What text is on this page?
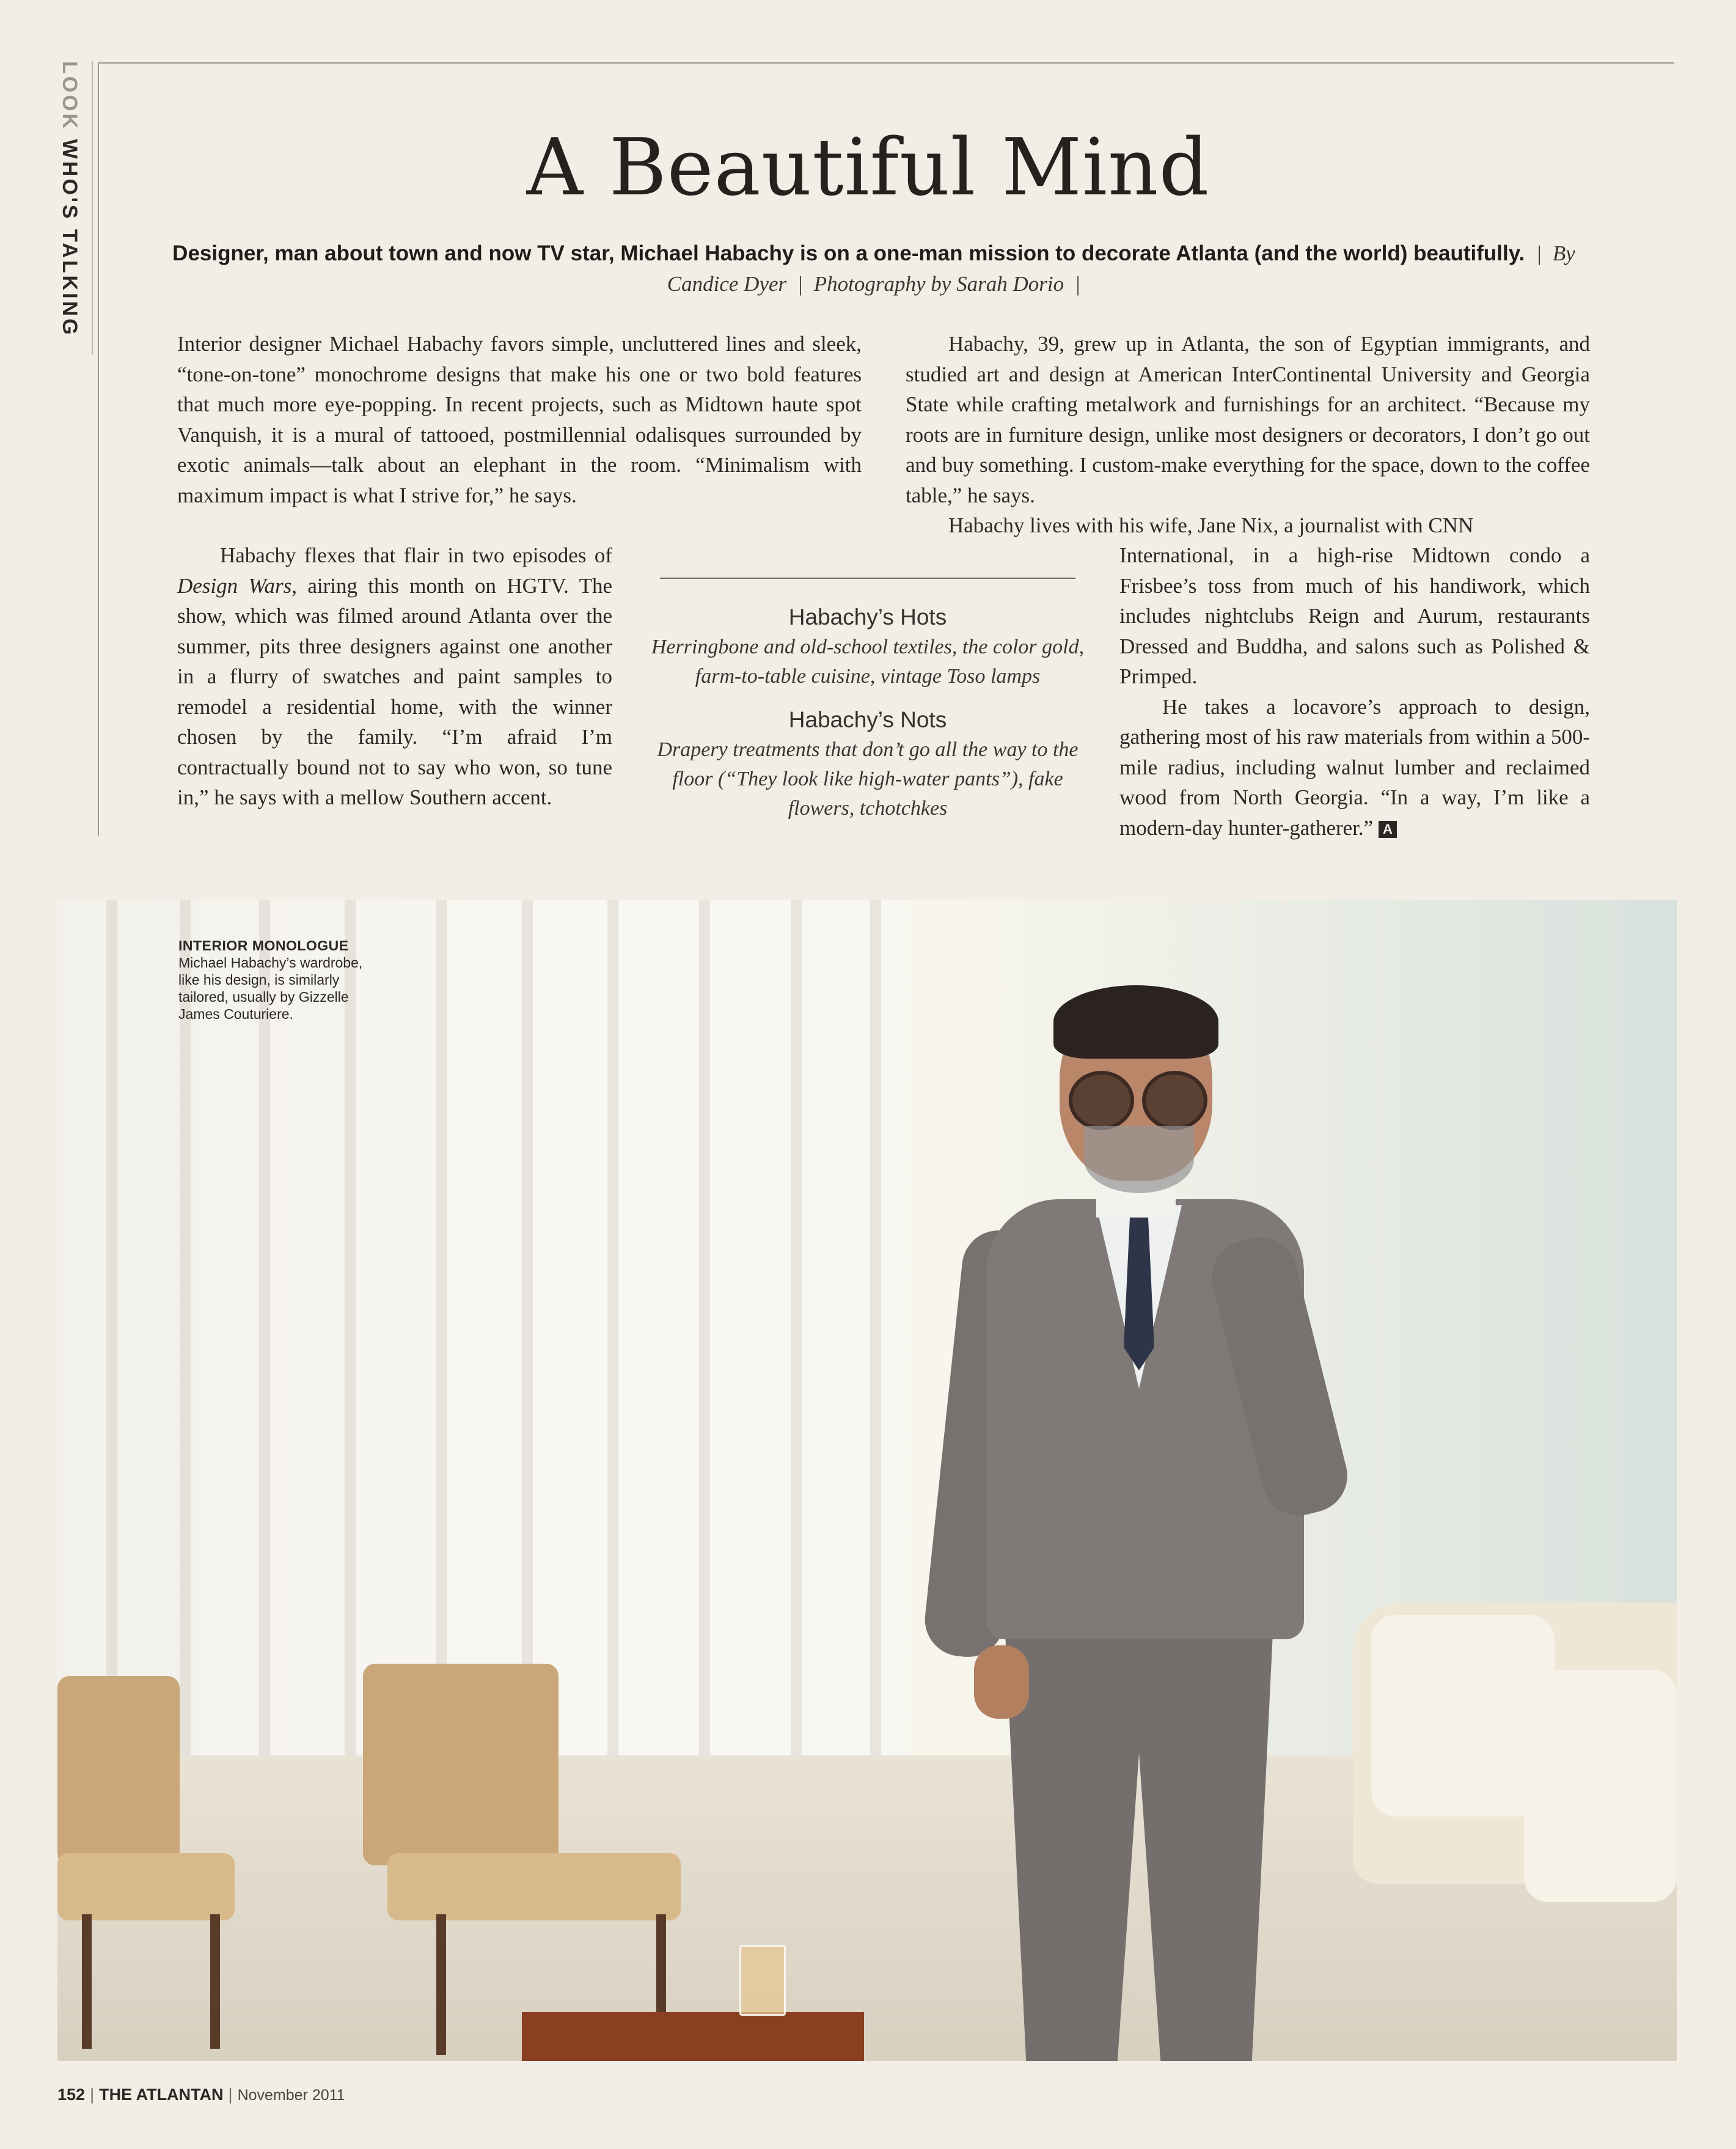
LOOK WHO'S TALKING	A Beautiful Mind
Designer, man about town and now TV star, Michael Habachy is on a one-man mission to decorate Atlanta (and the world) beautifully.  |  By Candice Dyer  |  Photography by Sarah Dorio  |

Interior designer Michael Habachy favors simple, uncluttered lines and sleek, “tone-on-tone” monochrome designs that make his one or two bold features that much more eye-popping. In recent projects, such as Midtown haute spot Vanquish, it is a mural of tattooed, postmillennial odalisques surrounded by exotic animals—talk about an elephant in the room. “Minimalism with maximum impact is what I strive for,” he says.

Habachy flexes that flair in two episodes of Design Wars, airing this month on HGTV. The show, which was filmed around Atlanta over the summer, pits three designers against one another in a flurry of swatches and paint samples to remodel a residential home, with the winner chosen by the family. “I’m afraid I’m contractually bound not to say who won, so tune in,” he says with a mellow Southern accent.

Habachy, 39, grew up in Atlanta, the son of Egyptian immigrants, and studied art and design at American InterContinental University and Georgia State while crafting metalwork and furnishings for an architect. “Because my roots are in furniture design, unlike most designers or decorators, I don’t go out and buy something. I custom-make everything for the space, down to the coffee table,” he says.

Habachy lives with his wife, Jane Nix, a journalist with CNN

International, in a high-rise Midtown condo a Frisbee’s toss from much of his handiwork, which includes nightclubs Reign and Aurum, restaurants Dressed and Buddha, and salons such as Polished & Primped.

He takes a locavore’s approach to design, gathering most of his raw materials from within a 500-mile radius, including walnut lumber and reclaimed wood from North Georgia. “In a way, I’m like a modern-day hunter-gatherer.” A

Habachy’s Hots
Herringbone and old-school textiles, the color gold, farm-to-table cuisine, vintage Toso lamps
Habachy’s Nots
Drapery treatments that don’t go all the way to the floor (“They look like high-water pants”), fake flowers, tchotchkes
INTERIOR MONOLOGUE
Michael Habachy’s wardrobe, like his design, is similarly tailored, usually by Gizzelle James Couturiere.
152 | THE ATLANTAN | November 2011
